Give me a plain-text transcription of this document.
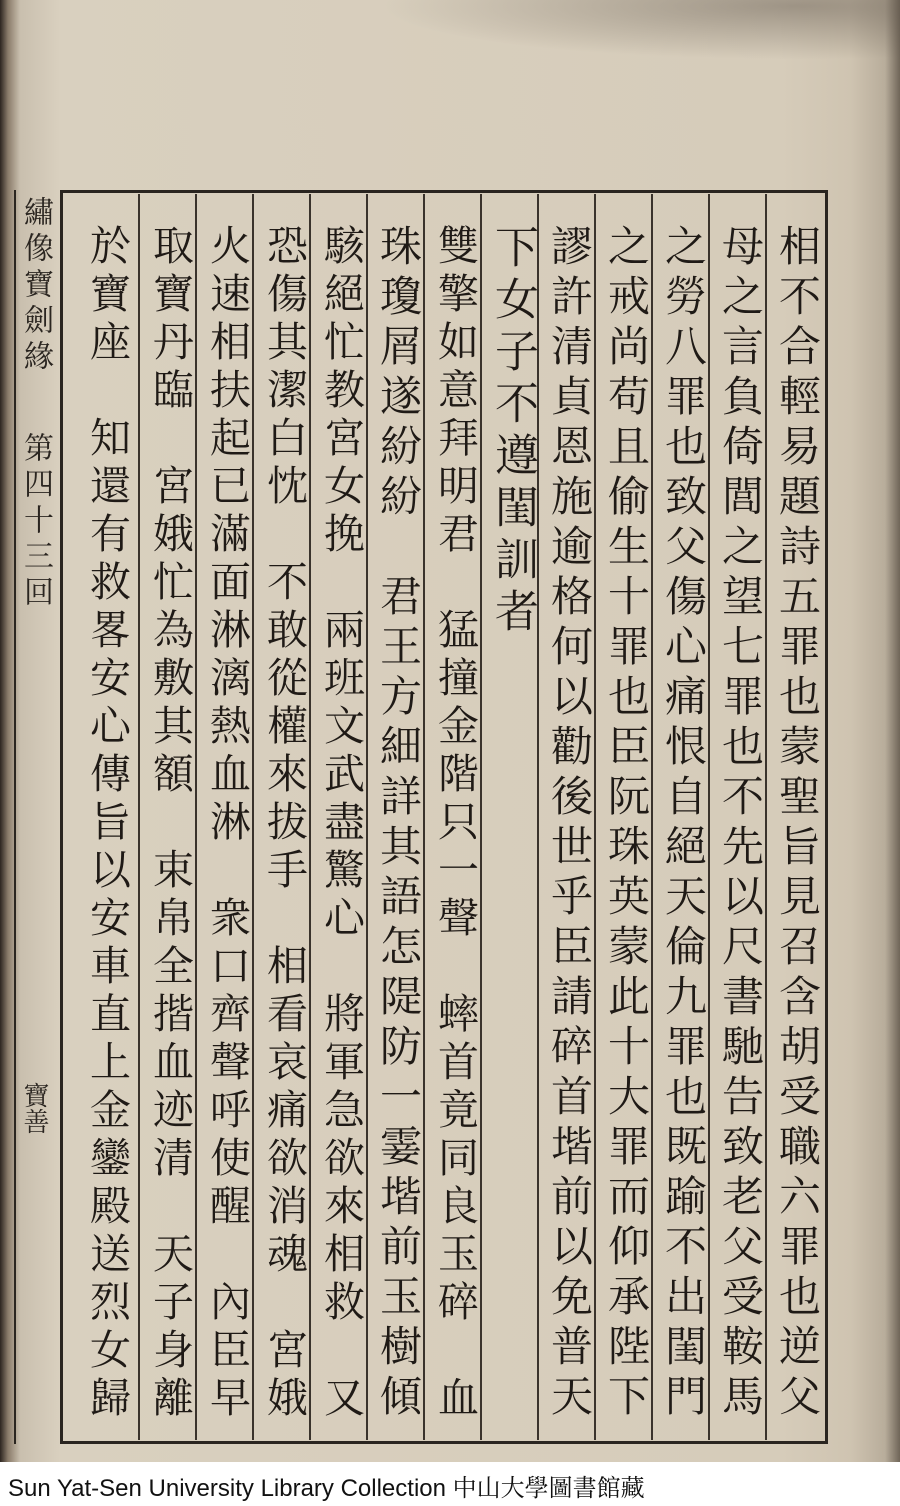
繡像寶劍緣 第四十三回
寶善	相不合輕易題詩五罪也蒙聖旨見召含胡受職六罪也逆父
母之言負倚閭之望七罪也不先以尺書馳告致老父受鞍馬
之勞八罪也致父傷心痛恨自絕天倫九罪也既踰不出閨門
之戒尚苟且偷生十罪也臣阮珠英蒙此十大罪而仰承陛下
謬許清貞恩施逾格何以勸後世乎臣請碎首堦前以免普天
下女子不遵閨訓者
雙擎如意拜明君　猛撞金階只一聲　蟀首竟同良玉碎　血
珠瓊屑遂紛紛　君王方細詳其語怎隄防一霎堦前玉樹傾
駭絕忙教宮女挽　兩班文武盡驚心　將軍急欲來相救　又
恐傷其潔白忱　不敢從權來拔手　相看哀痛欲消魂　宮娥
火速相扶起已滿面淋漓熱血淋　衆口齊聲呼使醒　內臣早
取寶丹臨　宮娥忙為敷其額　束帛全揩血迹清　天子身離
於寶座　知還有救畧安心傳旨以安車直上金鑾殿送烈女歸
Sun Yat-Sen University Library Collection 中山大學圖書館藏
